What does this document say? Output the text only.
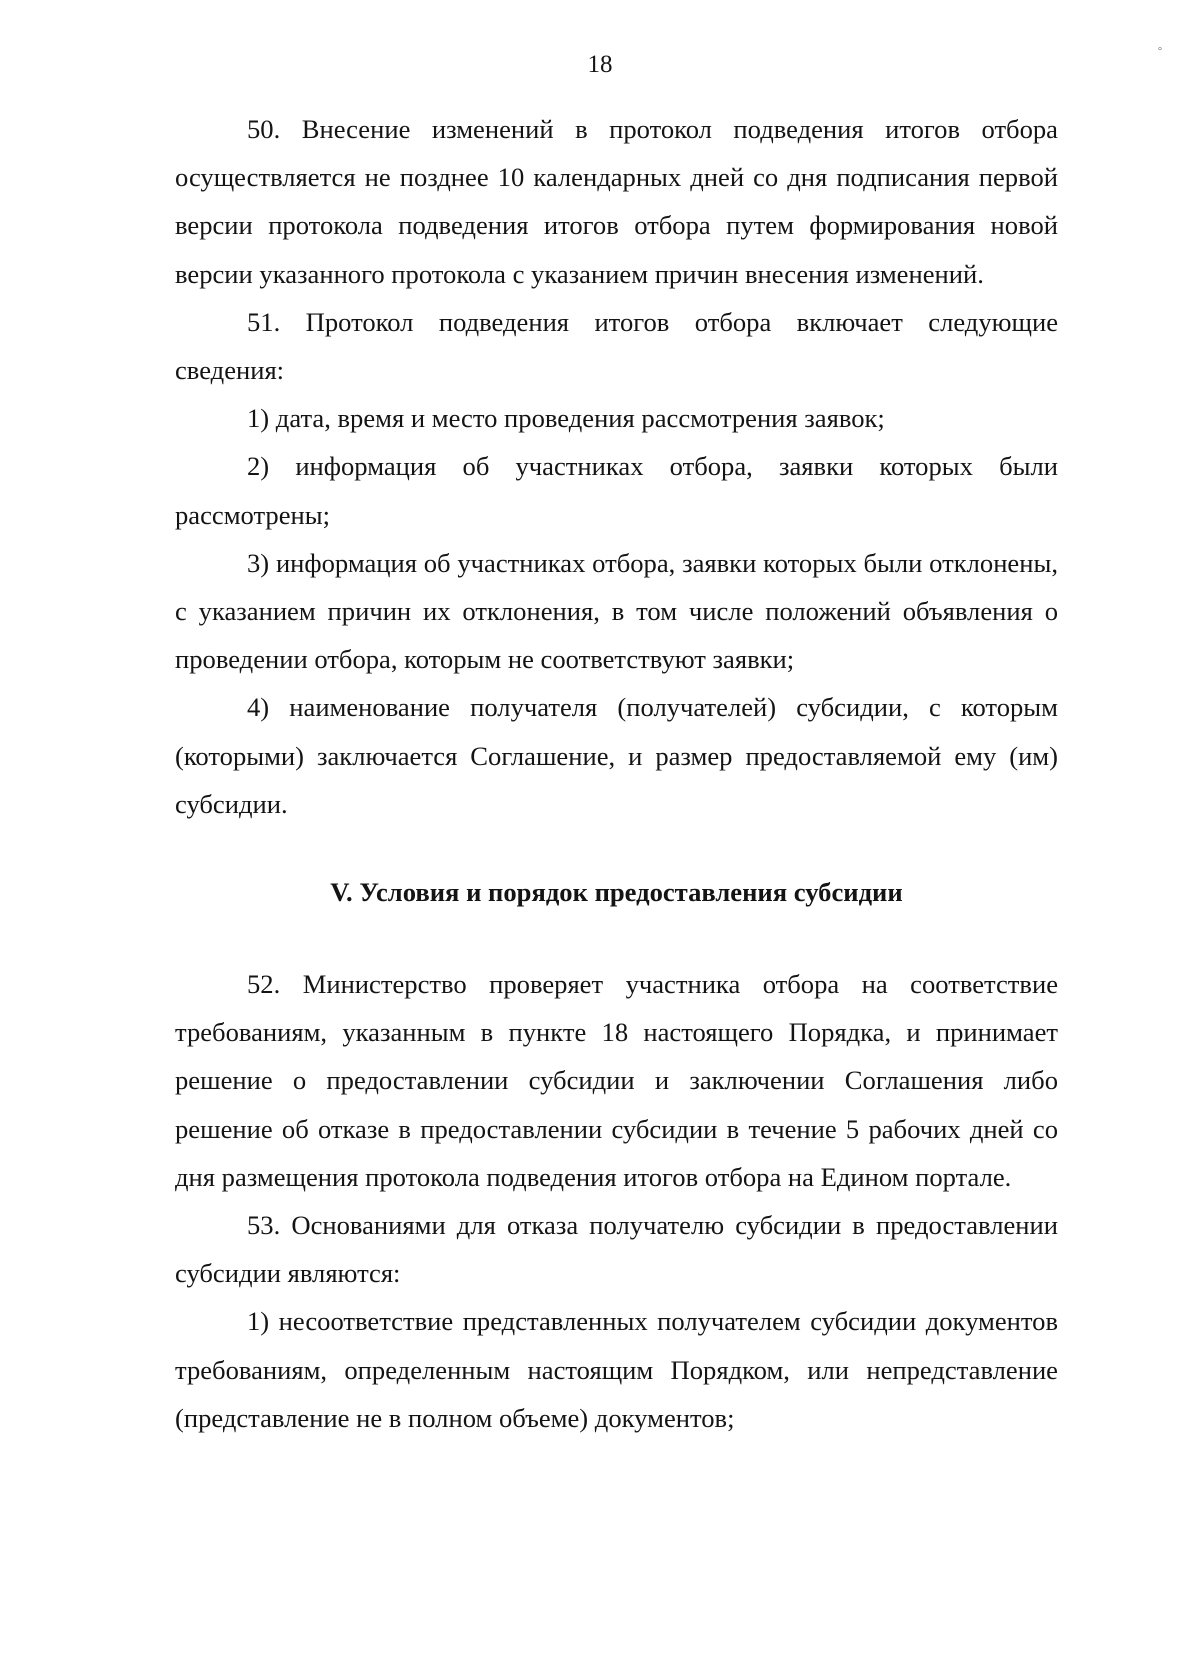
18	°

50. Внесение изменений в протокол подведения итогов отбора осуществляется не позднее 10 календарных дней со дня подписания первой версии протокола подведения итогов отбора путем формирования новой версии указанного протокола с указанием причин внесения изменений.

51. Протокол подведения итогов отбора включает следующие сведения:

1) дата, время и место проведения рассмотрения заявок;

2) информация об участниках отбора, заявки которых были рассмотрены;

3) информация об участниках отбора, заявки которых были отклонены, с указанием причин их отклонения, в том числе положений объявления о проведении отбора, которым не соответствуют заявки;

4) наименование получателя (получателей) субсидии, с которым (которыми) заключается Соглашение, и размер предоставляемой ему (им) субсидии.

V. Условия и порядок предоставления субсидии

52. Министерство проверяет участника отбора на соответствие требованиям, указанным в пункте 18 настоящего Порядка, и принимает решение о предоставлении субсидии и заключении Соглашения либо решение об отказе в предоставлении субсидии в течение 5 рабочих дней со дня размещения протокола подведения итогов отбора на Едином портале.

53. Основаниями для отказа получателю субсидии в предоставлении субсидии являются:

1) несоответствие представленных получателем субсидии документов требованиям, определенным настоящим Порядком, или непредставление (представление не в полном объеме) документов;
